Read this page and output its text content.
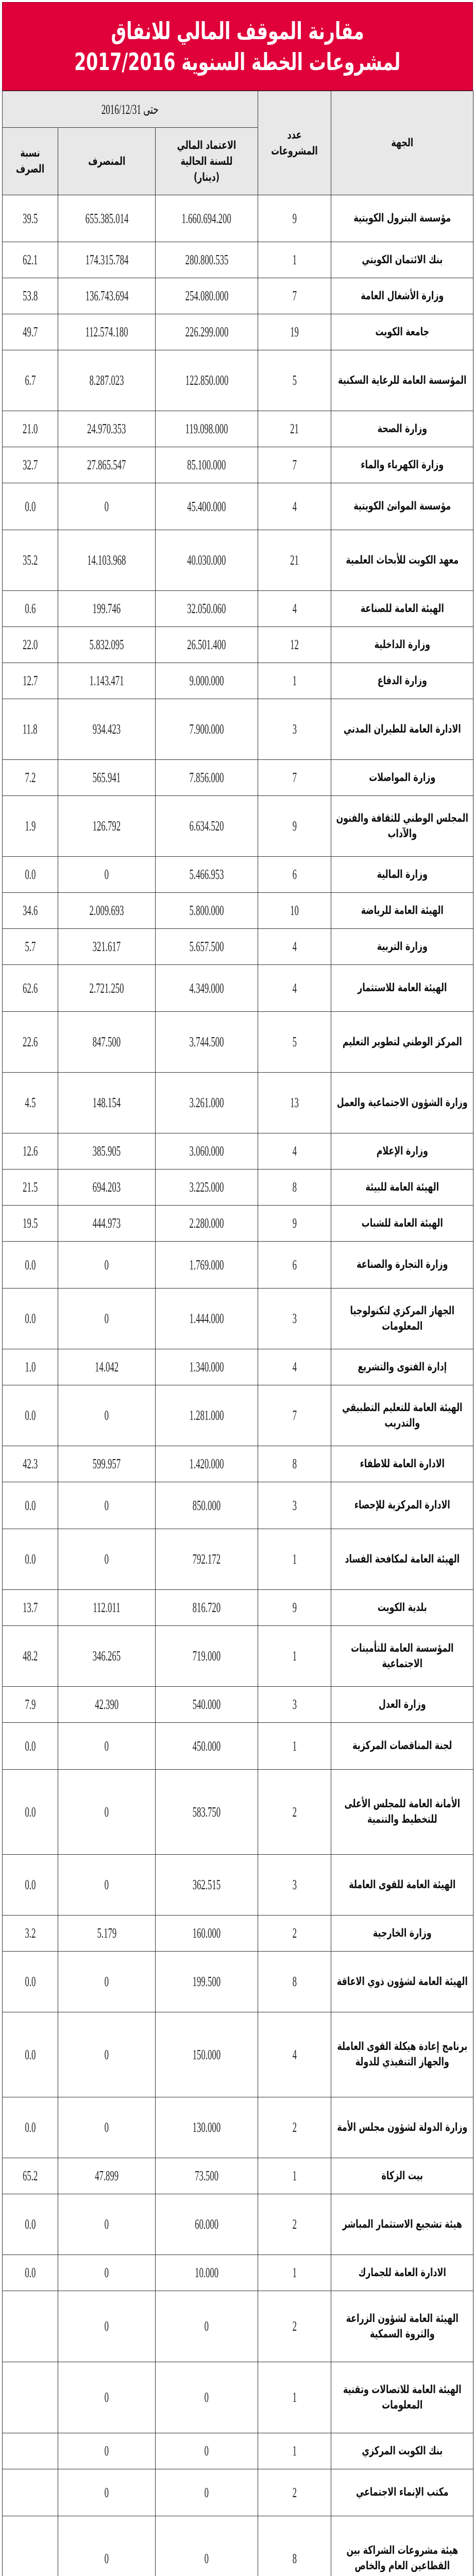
مقارنة الموقف المالي للانفاق
لمشروعات الخطة السنوية 2017/2016
الجهة	عدد المشروعات	حتى 2016/12/31		
		الاعتماد المالي للسنة الحالية (دينار)	المنصرف	نسبة الصرف
مؤسسة البترول الكويتية	9	1.660.694.200	655.385.014	39.5
بنك الائتمان الكويتي	1	280.800.535	174.315.784	62.1
وزارة الأشغال العامة	7	254.080.000	136.743.694	53.8
جامعة الكويت	19	226.299.000	112.574.180	49.7
المؤسسة العامة للرعاية السكنية	5	122.850.000	8.287.023	6.7
وزارة الصحة	21	119.098.000	24.970.353	21.0
وزارة الكهرباء والماء	7	85.100.000	27.865.547	32.7
مؤسسة الموانئ الكويتية	4	45.400.000	0	0.0
معهد الكويت للأبحاث العلمية	21	40.030.000	14.103.968	35.2
الهيئة العامة للصناعة	4	32.050.060	199.746	0.6
وزارة الداخلية	12	26.501.400	5.832.095	22.0
وزارة الدفاع	1	9.000.000	1.143.471	12.7
الادارة العامة للطيران المدني	3	7.900.000	934.423	11.8
وزارة المواصلات	7	7.856.000	565.941	7.2
المجلس الوطني للثقافة والفنون والآداب	9	6.634.520	126.792	1.9
وزارة المالية	6	5.466.953	0	0.0
الهيئة العامة للرياضة	10	5.800.000	2.009.693	34.6
وزارة التربية	4	5.657.500	321.617	5.7
الهيئة العامة للاستثمار	4	4.349.000	2.721.250	62.6
المركز الوطني لتطوير التعليم	5	3.744.500	847.500	22.6
وزارة الشؤون الاجتماعية والعمل	13	3.261.000	148.154	4.5
وزارة الإعلام	4	3.060.000	385.905	12.6
الهيئة العامة للبيئة	8	3.225.000	694.203	21.5
الهيئة العامة للشباب	9	2.280.000	444.973	19.5
وزارة التجارة والصناعة	6	1.769.000	0	0.0
الجهاز المركزي لتكنولوجيا المعلومات	3	1.444.000	0	0.0
إدارة الفتوى والتشريع	4	1.340.000	14.042	1.0
الهيئة العامة للتعليم التطبيقي والتدريب	7	1.281.000	0	0.0
الادارة العامة للاطفاء	8	1.420.000	599.957	42.3
الادارة المركزية للإحصاء	3	850.000	0	0.0
الهيئة العامة لمكافحة الفساد	1	792.172	0	0.0
بلدية الكويت	9	816.720	112.011	13.7
المؤسسة العامة للتأمينات الاجتماعية	1	719.000	346.265	48.2
وزارة العدل	3	540.000	42.390	7.9
لجنة المناقصات المركزية	1	450.000	0	0.0
الأمانة العامة للمجلس الأعلى للتخطيط والتنمية	2	583.750	0	0.0
الهيئة العامة للقوى العاملة	3	362.515	0	0.0
وزارة الخارجية	2	160.000	5.179	3.2
الهيئة العامة لشؤون ذوي الاعاقة	8	199.500	0	0.0
برنامج إعادة هيكلة القوى العاملة والجهاز التنفيذي للدولة	4	150.000	0	0.0
وزارة الدولة لشؤون مجلس الأمة	2	130.000	0	0.0
بيت الزكاة	1	73.500	47.899	65.2
هيئة تشجيع الاستثمار المباشر	2	60.000	0	0.0
الادارة العامة للجمارك	1	10.000	0	0.0
الهيئة العامة لشؤون الزراعة والثروة السمكية	2	0	0	
الهيئة العامة للاتصالات وتقنية المعلومات	1	0	0	
بنك الكويت المركزي	1	0	0	
مكتب الإنماء الاجتماعي	2	0	0	
هيئة مشروعات الشراكة بين القطاعين العام والخاص	8	0	0	
